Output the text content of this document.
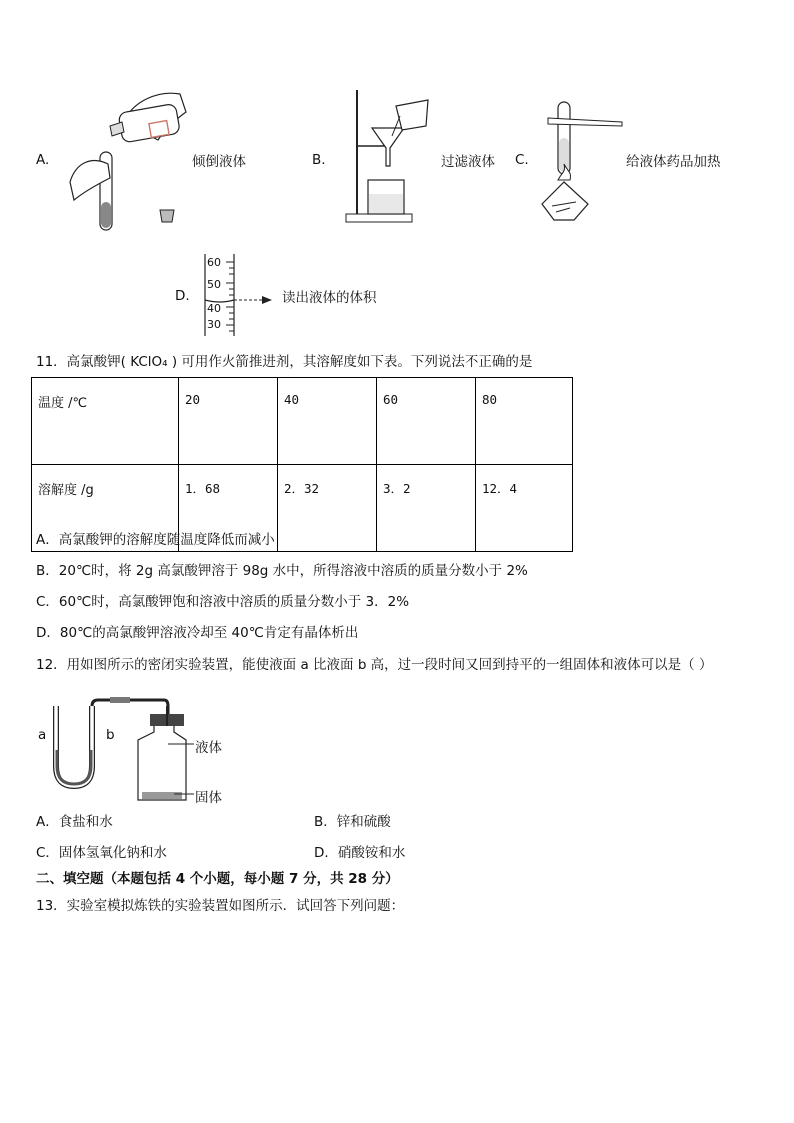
A.	倾倒液体	B.	过滤液体 C.	给液体药品加热
D.
60
50
40
30
读出液体的体积
11．高氯酸钾( KClO₄ ) 可用作火箭推进剂，其溶解度如下表。下列说法不正确的是
温度 /℃	20	40	60	80
溶解度 /g	1．68	2．32	3．2	12．4
A．高氯酸钾的溶解度随温度降低而减小
B．20℃时，将 2g 高氯酸钾溶于 98g 水中，所得溶液中溶质的质量分数小于 2%
C．60℃时，高氯酸钾饱和溶液中溶质的质量分数小于 3．2%
D．80℃的高氯酸钾溶液冷却至 40℃肯定有晶体析出
12．用如图所示的密闭实验装置，能使液面 a 比液面 b 高，过一段时间又回到持平的一组固体和液体可以是（ ）
a	b
液体
固体
A．食盐和水	B．锌和硫酸
C．固体氢氧化钠和水	D．硝酸铵和水
二、填空题（本题包括 4 个小题，每小题 7 分，共 28 分）
13．实验室模拟炼铁的实验装置如图所示．试回答下列问题：
